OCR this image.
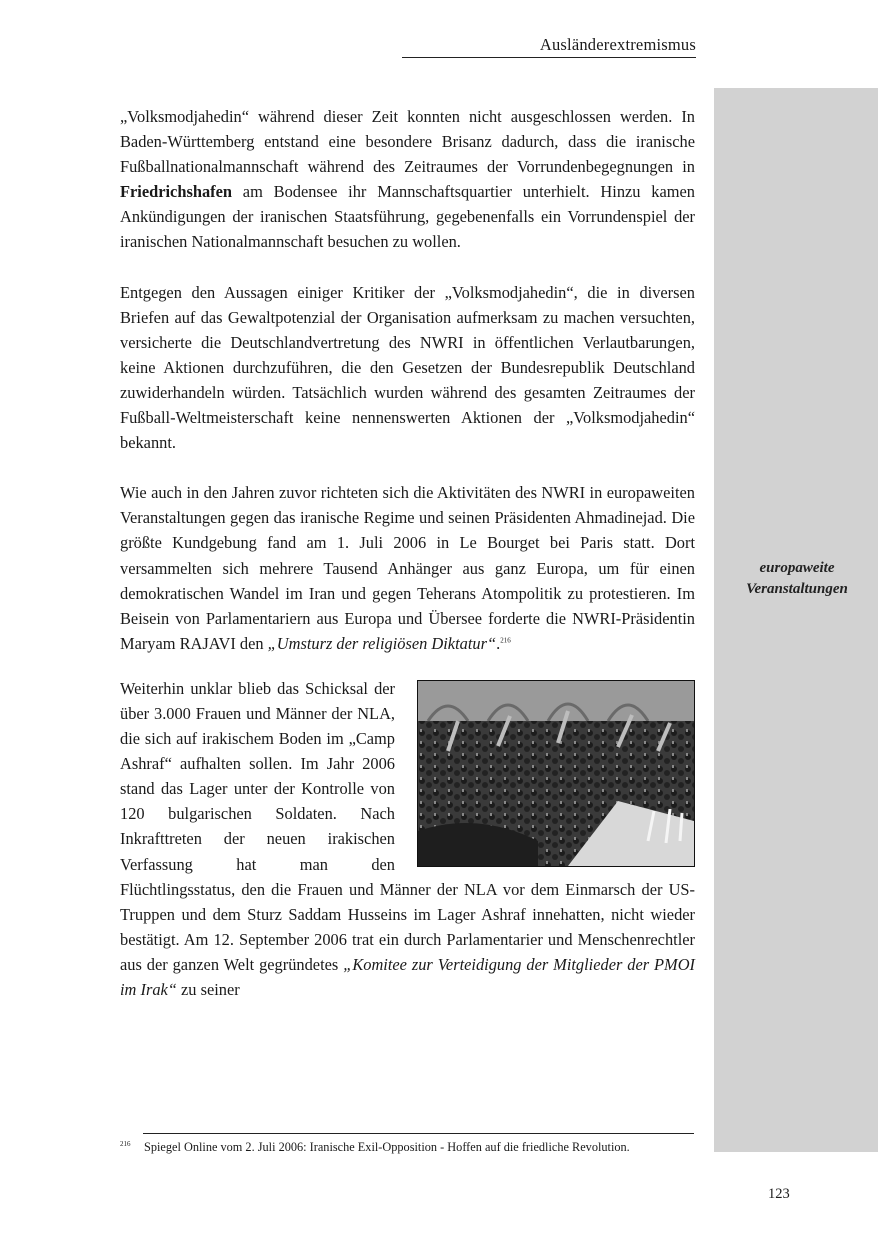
Ausländerextremismus
europaweite
Veranstaltungen

„Volksmodjahedin“ während dieser Zeit konnten nicht ausgeschlossen werden. In Baden-Württemberg entstand eine besondere Brisanz dadurch, dass die iranische Fußballnationalmannschaft während des Zeitraumes der Vorrundenbegegnungen in Friedrichshafen am Bodensee ihr Mannschaftsquartier unterhielt. Hinzu kamen Ankündigungen der iranischen Staatsführung, gegebenenfalls ein Vorrundenspiel der iranischen Nationalmannschaft besuchen zu wollen.

Entgegen den Aussagen einiger Kritiker der „Volksmodjahedin“, die in diversen Briefen auf das Gewaltpotenzial der Organisation aufmerksam zu machen versuchten, versicherte die Deutschlandvertretung des NWRI in öffentlichen Verlautbarungen, keine Aktionen durchzuführen, die den Gesetzen der Bundesrepublik Deutschland zuwiderhandeln würden. Tatsächlich wurden während des gesamten Zeitraumes der Fußball-Weltmeisterschaft keine nennenswerten Aktionen der „Volksmodjahedin“ bekannt.

Wie auch in den Jahren zuvor richteten sich die Aktivitäten des NWRI in europaweiten Veranstaltungen gegen das iranische Regime und seinen Präsidenten Ahmadinejad. Die größte Kundgebung fand am 1. Juli 2006 in Le Bourget bei Paris statt. Dort versammelten sich mehrere Tausend Anhänger aus ganz Europa, um für einen demokratischen Wandel im Iran und gegen Teherans Atompolitik zu protestieren. Im Beisein von Parlamentariern aus Europa und Übersee forderte die NWRI-Präsidentin Maryam RAJAVI den „Umsturz der religiösen Diktatur“.$^{216}$

Weiterhin unklar blieb das Schicksal der über 3.000 Frauen und Männer der NLA, die sich auf irakischem Boden im „Camp Ashraf“ aufhalten sollen. Im Jahr 2006 stand das Lager unter der Kontrolle von 120 bulgarischen Soldaten. Nach Inkrafttreten der neuen irakischen Verfassung hat man den Flüchtlingsstatus, den die Frauen und Männer der NLA vor dem Einmarsch der US-Truppen und dem Sturz Saddam Husseins im Lager Ashraf innehatten, nicht wieder bestätigt. Am 12. September 2006 trat ein durch Parlamentarier und Menschenrechtler aus der ganzen Welt gegründetes „Komitee zur Verteidigung der Mitglieder der PMOI im Irak“ zu seiner

$^{216}$ Spiegel Online vom 2. Juli 2006: Iranische Exil-Opposition - Hoffen auf die friedliche Revolution.
123
